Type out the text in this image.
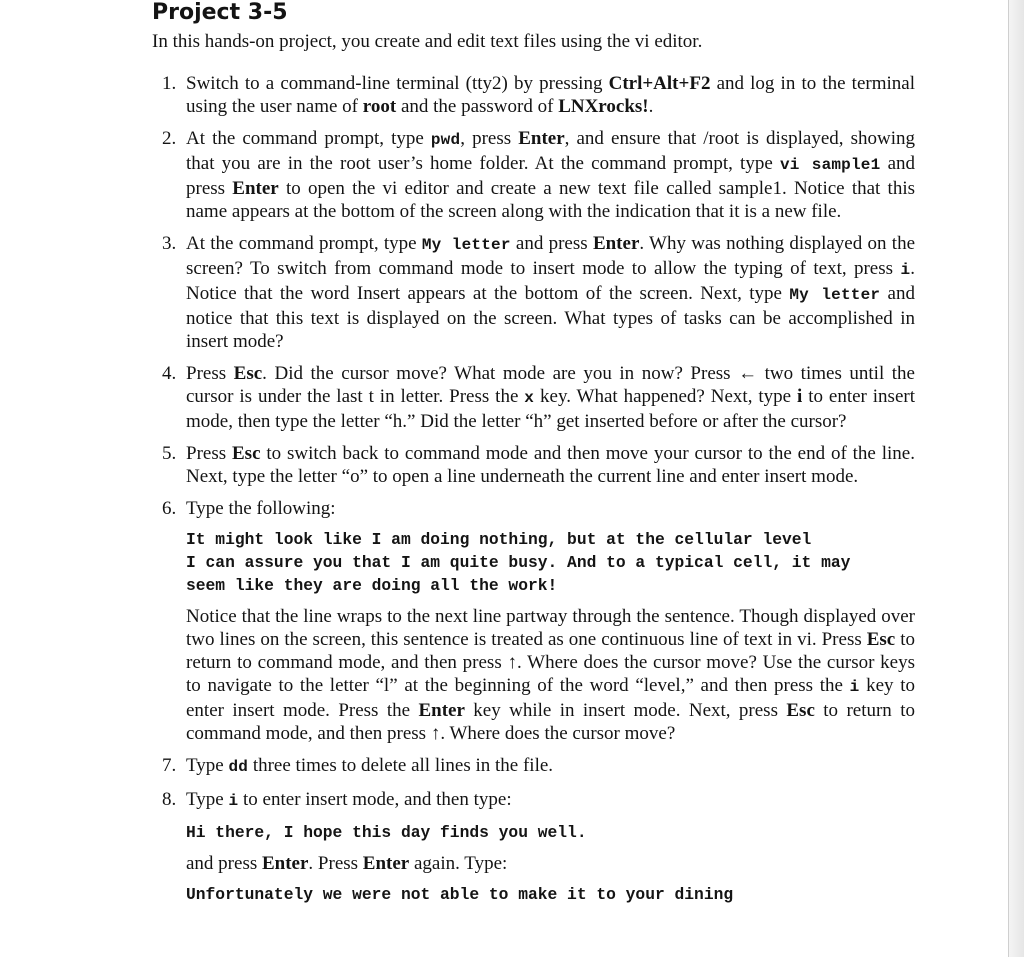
Project 3-5

In this hands-on project, you create and edit text files using the vi editor.

1. Switch to a command-line terminal (tty2) by pressing Ctrl+Alt+F2 and log in to the terminal using the user name of root and the password of LNXrocks!.

2. At the command prompt, type pwd, press Enter, and ensure that /root is displayed, showing that you are in the root user’s home folder. At the command prompt, type vi sample1 and press Enter to open the vi editor and create a new text file called sample1. Notice that this name appears at the bottom of the screen along with the indication that it is a new file.

3. At the command prompt, type My letter and press Enter. Why was nothing displayed on the screen? To switch from command mode to insert mode to allow the typing of text, press i. Notice that the word Insert appears at the bottom of the screen. Next, type My letter and notice that this text is displayed on the screen. What types of tasks can be accomplished in insert mode?

4. Press Esc. Did the cursor move? What mode are you in now? Press ← two times until the cursor is under the last t in letter. Press the x key. What happened? Next, type i to enter insert mode, then type the letter “h.” Did the letter “h” get inserted before or after the cursor?

5. Press Esc to switch back to command mode and then move your cursor to the end of the line. Next, type the letter “o” to open a line underneath the current line and enter insert mode.

6. Type the following:

It might look like I am doing nothing, but at the cellular level

I can assure you that I am quite busy. And to a typical cell, it may

seem like they are doing all the work!

Notice that the line wraps to the next line partway through the sentence. Though displayed over two lines on the screen, this sentence is treated as one continuous line of text in vi. Press Esc to return to command mode, and then press ↑. Where does the cursor move? Use the cursor keys to navigate to the letter “l” at the beginning of the word “level,” and then press the i key to enter insert mode. Press the Enter key while in insert mode. Next, press Esc to return to command mode, and then press ↑. Where does the cursor move?

7. Type dd three times to delete all lines in the file.

8. Type i to enter insert mode, and then type:

Hi there, I hope this day finds you well.

and press Enter. Press Enter again. Type:

Unfortunately we were not able to make it to your dining
